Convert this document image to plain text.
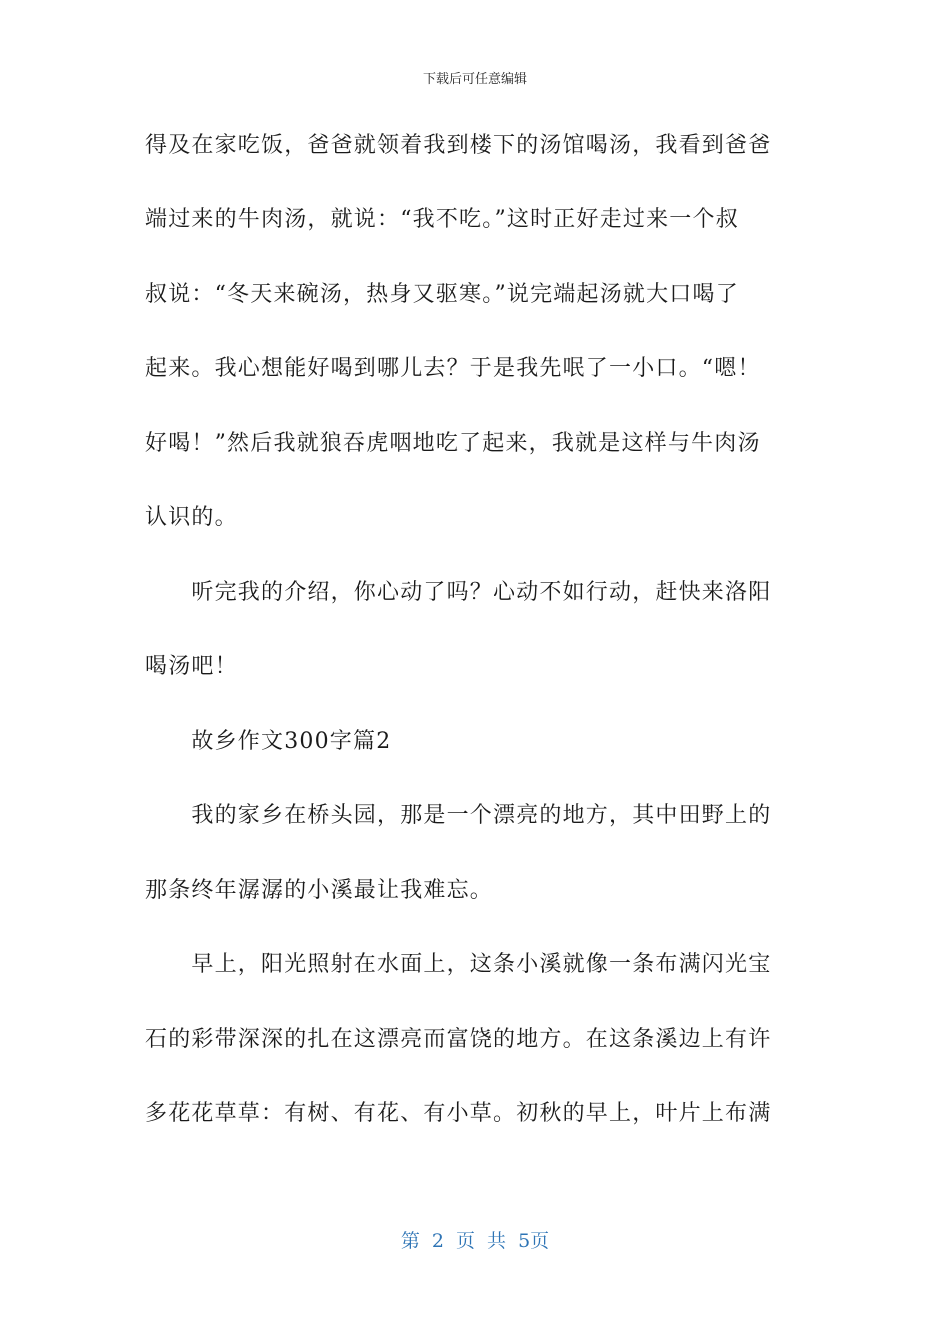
下载后可任意编辑
得及在家吃饭，爸爸就领着我到楼下的汤馆喝汤，我看到爸爸
端过来的牛肉汤，就说：“我不吃。”这时正好走过来一个叔
叔说：“冬天来碗汤，热身又驱寒。”说完端起汤就大口喝了
起来。我心想能好喝到哪儿去？于是我先呡了一小口。“嗯！
好喝！”然后我就狼吞虎咽地吃了起来，我就是这样与牛肉汤
认识的。
　　听完我的介绍，你心动了吗？心动不如行动，赶快来洛阳
喝汤吧！
　　故乡作文300字篇2
　　我的家乡在桥头园，那是一个漂亮的地方，其中田野上的
那条终年潺潺的小溪最让我难忘。
　　早上，阳光照射在水面上，这条小溪就像一条布满闪光宝
石的彩带深深的扎在这漂亮而富饶的地方。在这条溪边上有许
多花花草草：有树、有花、有小草。初秋的早上，叶片上布满
第 2 页 共 5页
